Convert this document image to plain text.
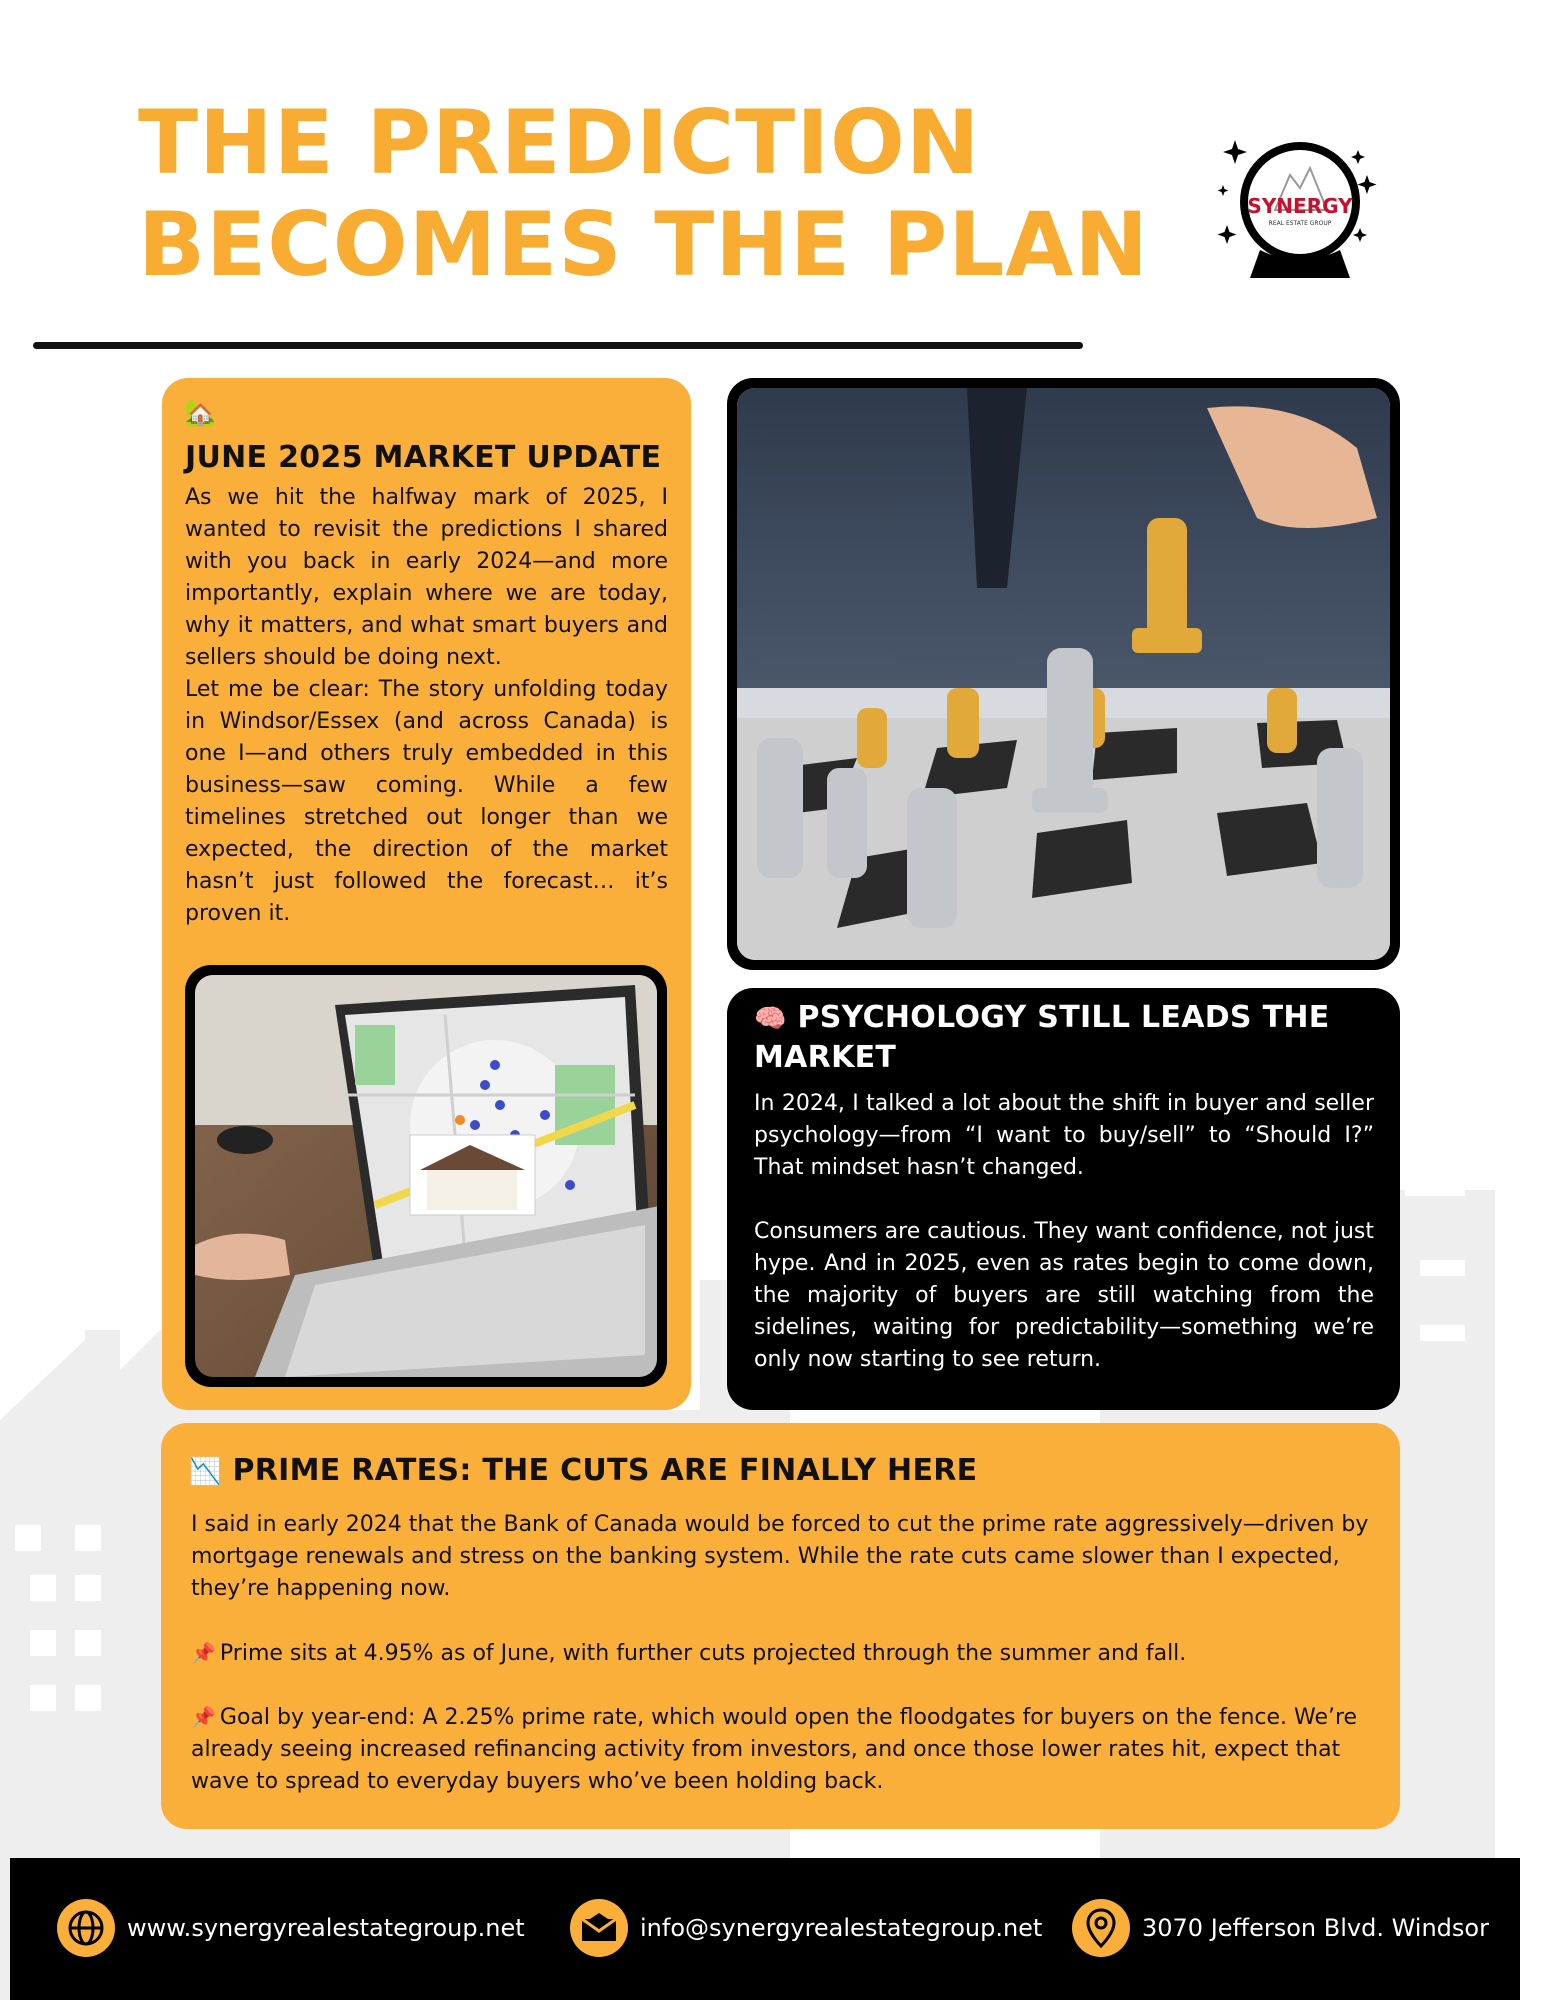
THE PREDICTION
BECOMES THE PLAN	SYNERGY
REAL ESTATE GROUP
🏡
JUNE 2025 MARKET UPDATE

As we hit the halfway mark of 2025, I wanted to revisit the predictions I shared with you back in early 2024—and more importantly, explain where we are today, why it matters, and what smart buyers and sellers should be doing next.

Let me be clear: The story unfolding today in Windsor/Essex (and across Canada) is one I—and others truly embedded in this business—saw coming. While a few timelines stretched out longer than we expected, the direction of the market hasn’t just followed the forecast… it’s proven it.

🧠 PSYCHOLOGY STILL LEADS THE MARKET

In 2024, I talked a lot about the shift in buyer and seller psychology—from “I want to buy/sell” to “Should I?” That mindset hasn’t changed.

Consumers are cautious. They want confidence, not just hype. And in 2025, even as rates begin to come down, the majority of buyers are still watching from the sidelines, waiting for predictability—something we’re only now starting to see return.

📉 PRIME RATES: THE CUTS ARE FINALLY HERE

I said in early 2024 that the Bank of Canada would be forced to cut the prime rate aggressively—driven by mortgage renewals and stress on the banking system. While the rate cuts came slower than I expected, they’re happening now.

📌 Prime sits at 4.95% as of June, with further cuts projected through the summer and fall.

📌 Goal by year-end: A 2.25% prime rate, which would open the floodgates for buyers on the fence. We’re already seeing increased refinancing activity from investors, and once those lower rates hit, expect that wave to spread to everyday buyers who’ve been holding back.

www.synergyrealestategroup.net	info@synergyrealestategroup.net	3070 Jefferson Blvd. Windsor
